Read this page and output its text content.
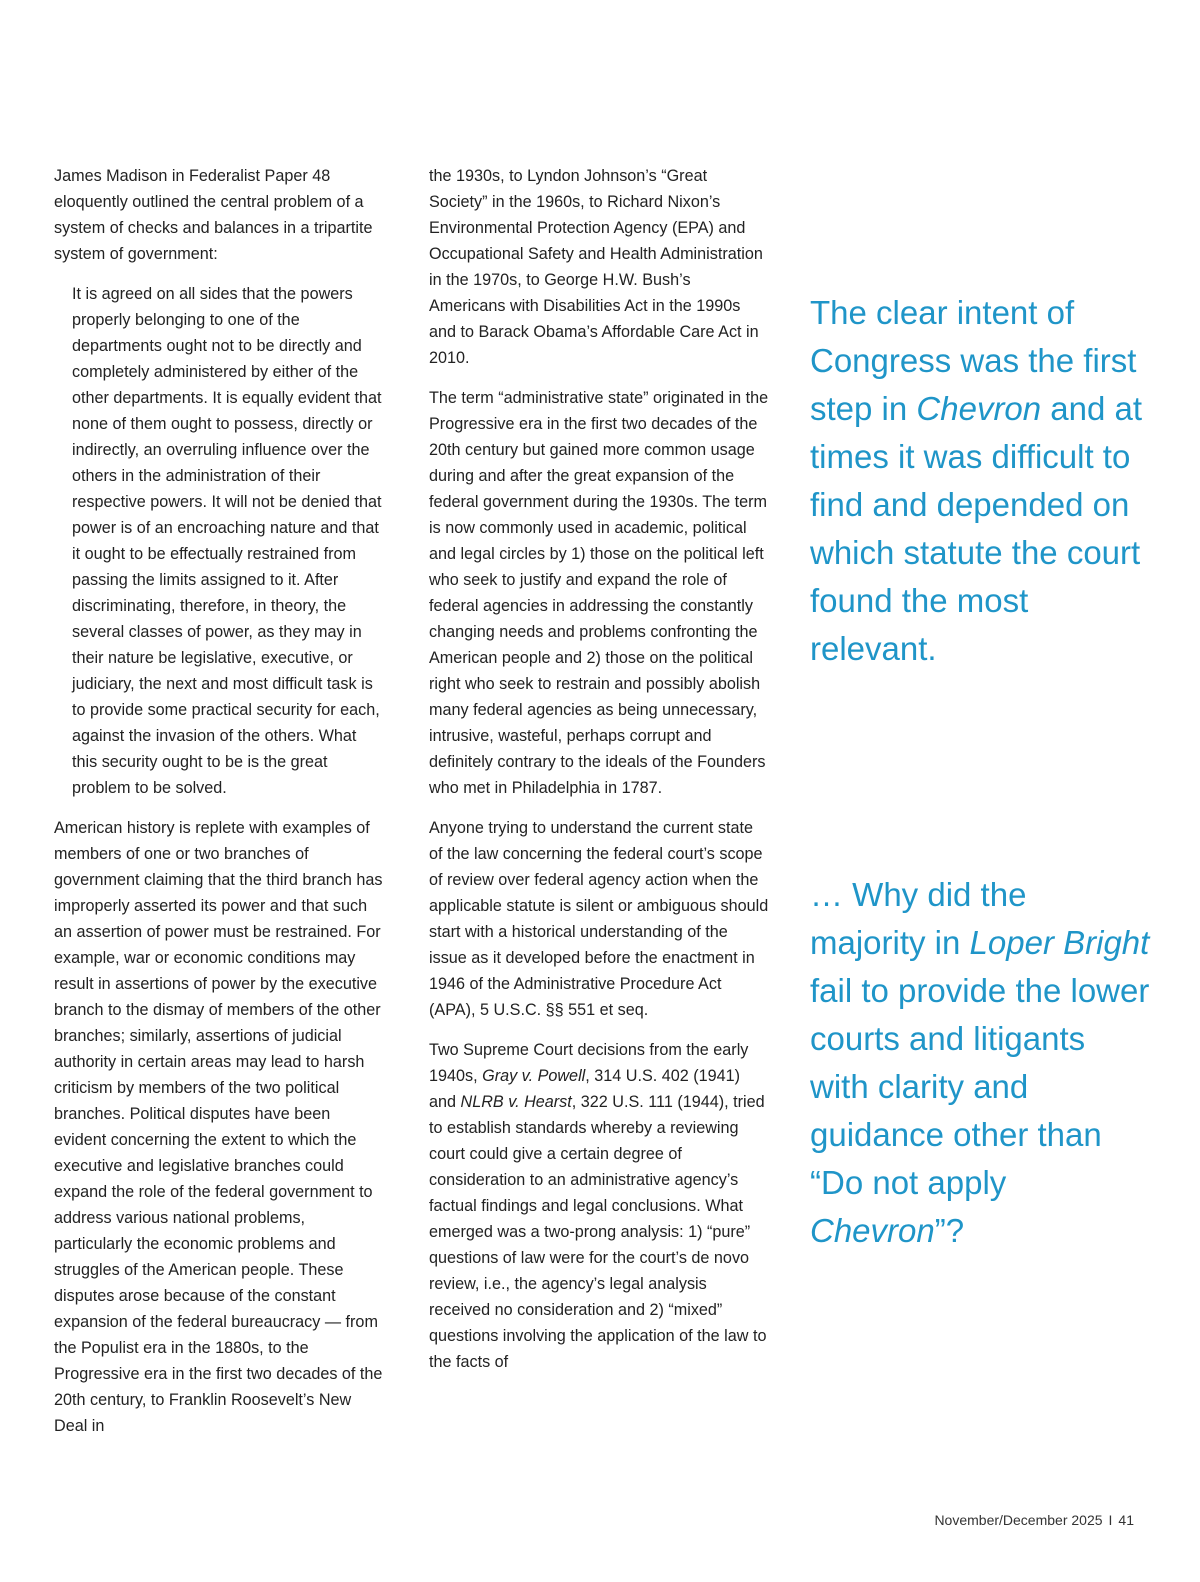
James Madison in Federalist Paper 48 eloquently outlined the central problem of a system of checks and balances in a tripartite system of government:

It is agreed on all sides that the powers properly belonging to one of the departments ought not to be directly and completely administered by either of the other departments. It is equally evident that none of them ought to possess, directly or indirectly, an overruling influence over the others in the administration of their respective powers. It will not be denied that power is of an encroaching nature and that it ought to be effectually restrained from passing the limits assigned to it. After discriminating, therefore, in theory, the several classes of power, as they may in their nature be legislative, executive, or judiciary, the next and most difficult task is to provide some practical security for each, against the invasion of the others. What this security ought to be is the great problem to be solved.

American history is replete with examples of members of one or two branches of government claiming that the third branch has improperly asserted its power and that such an assertion of power must be restrained. For example, war or economic conditions may result in assertions of power by the executive branch to the dismay of members of the other branches; similarly, assertions of judicial authority in certain areas may lead to harsh criticism by members of the two political branches. Political disputes have been evident concerning the extent to which the executive and legislative branches could expand the role of the federal government to address various national problems, particularly the economic problems and struggles of the American people. These disputes arose because of the constant expansion of the federal bureaucracy — from the Populist era in the 1880s, to the Progressive era in the first two decades of the 20th century, to Franklin Roosevelt’s New Deal in

the 1930s, to Lyndon Johnson’s “Great Society” in the 1960s, to Richard Nixon’s Environmental Protection Agency (EPA) and Occupational Safety and Health Administration in the 1970s, to George H.W. Bush’s Americans with Disabilities Act in the 1990s and to Barack Obama’s Affordable Care Act in 2010.

The term “administrative state” originated in the Progressive era in the first two decades of the 20th century but gained more common usage during and after the great expansion of the federal government during the 1930s. The term is now commonly used in academic, political and legal circles by 1) those on the political left who seek to justify and expand the role of federal agencies in addressing the constantly changing needs and problems confronting the American people and 2) those on the political right who seek to restrain and possibly abolish many federal agencies as being unnecessary, intrusive, wasteful, perhaps corrupt and definitely contrary to the ideals of the Founders who met in Philadelphia in 1787.

Anyone trying to understand the current state of the law concerning the federal court’s scope of review over federal agency action when the applicable statute is silent or ambiguous should start with a historical understanding of the issue as it developed before the enactment in 1946 of the Administrative Procedure Act (APA), 5 U.S.C. §§ 551 et seq.

Two Supreme Court decisions from the early 1940s, Gray v. Powell, 314 U.S. 402 (1941) and NLRB v. Hearst, 322 U.S. 111 (1944), tried to establish standards whereby a reviewing court could give a certain degree of consideration to an administrative agency’s factual findings and legal conclusions. What emerged was a two-prong analysis: 1) “pure” questions of law were for the court’s de novo review, i.e., the agency’s legal analysis received no consideration and 2) “mixed” questions involving the application of the law to the facts of

The clear intent of Congress was the first step in Chevron and at times it was difficult to find and depended on which statute the court found the most relevant.
… Why did the majority in Loper Bright fail to provide the lower courts and litigants with clarity and guidance other than “Do not apply Chevron”?
November/December 2025 I 41
